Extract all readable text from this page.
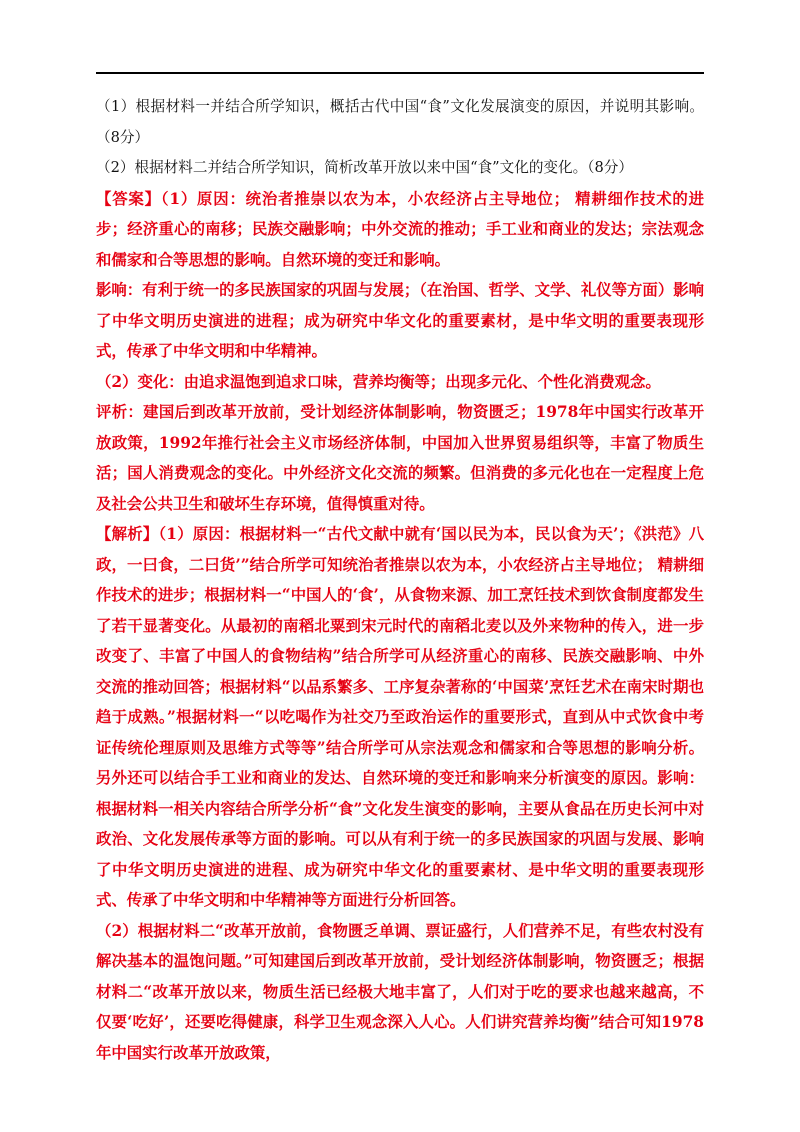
（1）根据材料一并结合所学知识，概括古代中国“食”文化发展演变的原因，并说明其影响。（8分）

（2）根据材料二并结合所学知识，简析改革开放以来中国“食”文化的变化。（8分）

【答案】（1）原因：统治者推崇以农为本，小农经济占主导地位； 精耕细作技术的进步；经济重心的南移；民族交融影响；中外交流的推动；手工业和商业的发达；宗法观念和儒家和合等思想的影响。自然环境的变迁和影响。

影响：有利于统一的多民族国家的巩固与发展；（在治国、哲学、文学、礼仪等方面）影响了中华文明历史演进的进程；成为研究中华文化的重要素材，是中华文明的重要表现形式，传承了中华文明和中华精神。

（2）变化：由追求温饱到追求口味，营养均衡等；出现多元化、个性化消费观念。

评析：建国后到改革开放前，受计划经济体制影响，物资匮乏；1978年中国实行改革开放政策，1992年推行社会主义市场经济体制，中国加入世界贸易组织等，丰富了物质生活；国人消费观念的变化。中外经济文化交流的频繁。但消费的多元化也在一定程度上危及社会公共卫生和破坏生存环境，值得慎重对待。

【解析】（1）原因：根据材料一“古代文献中就有‘国以民为本，民以食为天’；《洪范》八政，一曰食，二曰货’”结合所学可知统治者推崇以农为本，小农经济占主导地位； 精耕细作技术的进步；根据材料一“中国人的‘食’，从食物来源、加工烹饪技术到饮食制度都发生了若干显著变化。从最初的南稻北粟到宋元时代的南稻北麦以及外来物种的传入，进一步改变了、丰富了中国人的食物结构”结合所学可从经济重心的南移、民族交融影响、中外交流的推动回答；根据材料“以品系繁多、工序复杂著称的‘中国菜’烹饪艺术在南宋时期也趋于成熟。”根据材料一“以吃喝作为社交乃至政治运作的重要形式，直到从中式饮食中考证传统伦理原则及思维方式等等”结合所学可从宗法观念和儒家和合等思想的影响分析。另外还可以结合手工业和商业的发达、自然环境的变迁和影响来分析演变的原因。影响：根据材料一相关内容结合所学分析“食”文化发生演变的影响，主要从食品在历史长河中对政治、文化发展传承等方面的影响。可以从有利于统一的多民族国家的巩固与发展、影响了中华文明历史演进的进程、成为研究中华文化的重要素材、是中华文明的重要表现形式、传承了中华文明和中华精神等方面进行分析回答。

（2）根据材料二“改革开放前，食物匮乏单调、票证盛行，人们营养不足，有些农村没有解决基本的温饱问题。”可知建国后到改革开放前，受计划经济体制影响，物资匮乏；根据材料二“改革开放以来，物质生活已经极大地丰富了，人们对于吃的要求也越来越高，不仅要‘吃好’，还要吃得健康，科学卫生观念深入人心。人们讲究营养均衡”结合可知1978年中国实行改革开放政策，
